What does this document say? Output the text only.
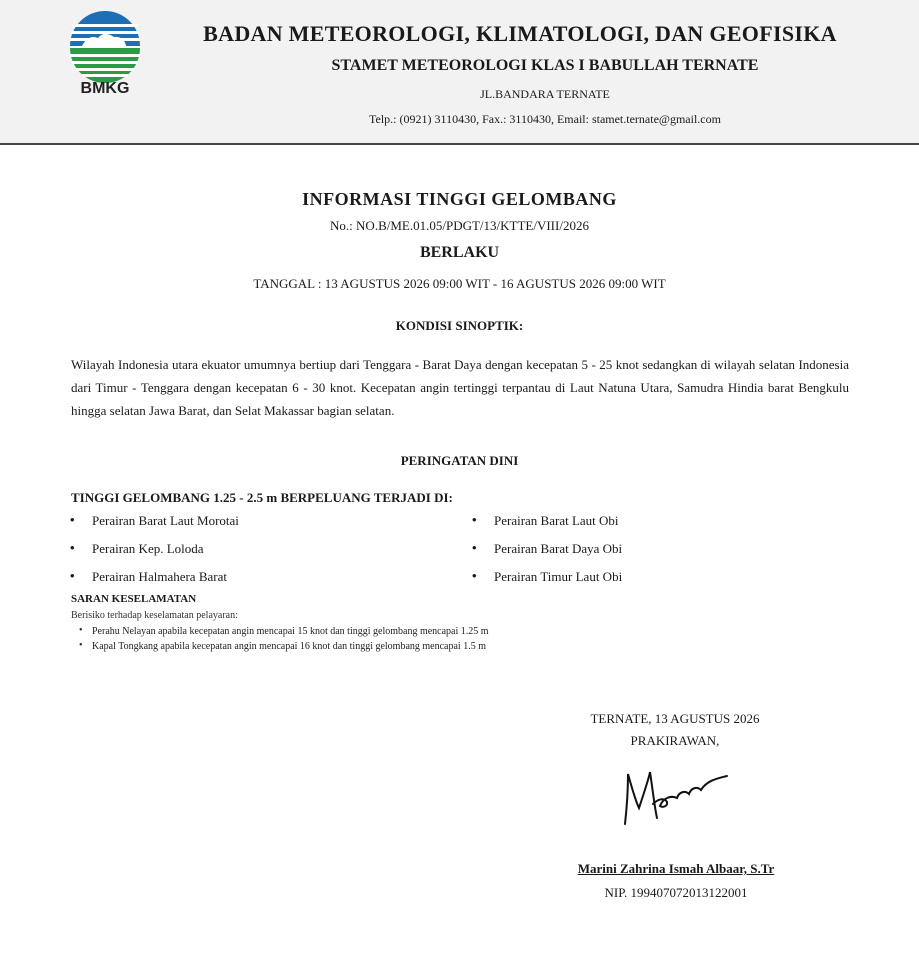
BMKG
BADAN METEOROLOGI, KLIMATOLOGI, DAN GEOFISIKA
STAMET METEOROLOGI KLAS I BABULLAH TERNATE
JL.BANDARA TERNATE
Telp.: (0921) 3110430, Fax.: 3110430, Email: stamet.ternate@gmail.com
INFORMASI TINGGI GELOMBANG
No.: NO.B/ME.01.05/PDGT/13/KTTE/VIII/2026
BERLAKU
TANGGAL : 13 AGUSTUS 2026 09:00 WIT - 16 AGUSTUS 2026 09:00 WIT
KONDISI SINOPTIK:
Wilayah Indonesia utara ekuator umumnya bertiup dari Tenggara - Barat Daya dengan kecepatan 5 - 25 knot sedangkan di wilayah selatan Indonesia dari Timur - Tenggara dengan kecepatan 6 - 30 knot. Kecepatan angin tertinggi terpantau di Laut Natuna Utara, Samudra Hindia barat Bengkulu hingga selatan Jawa Barat, dan Selat Makassar bagian selatan.
PERINGATAN DINI
TINGGI GELOMBANG 1.25 - 2.5 m BERPELUANG TERJADI DI:
• Perairan Barat Laut Morotai
• Perairan Kep. Loloda
• Perairan Halmahera Barat
• Perairan Barat Laut Obi
• Perairan Barat Daya Obi
• Perairan Timur Laut Obi
SARAN KESELAMATAN
Berisiko terhadap keselamatan pelayaran:
• Perahu Nelayan apabila kecepatan angin mencapai 15 knot dan tinggi gelombang mencapai 1.25 m
• Kapal Tongkang apabila kecepatan angin mencapai 16 knot dan tinggi gelombang mencapai 1.5 m
TERNATE, 13 AGUSTUS 2026
PRAKIRAWAN,
Marini Zahrina Ismah Albaar, S.Tr
NIP. 199407072013122001
